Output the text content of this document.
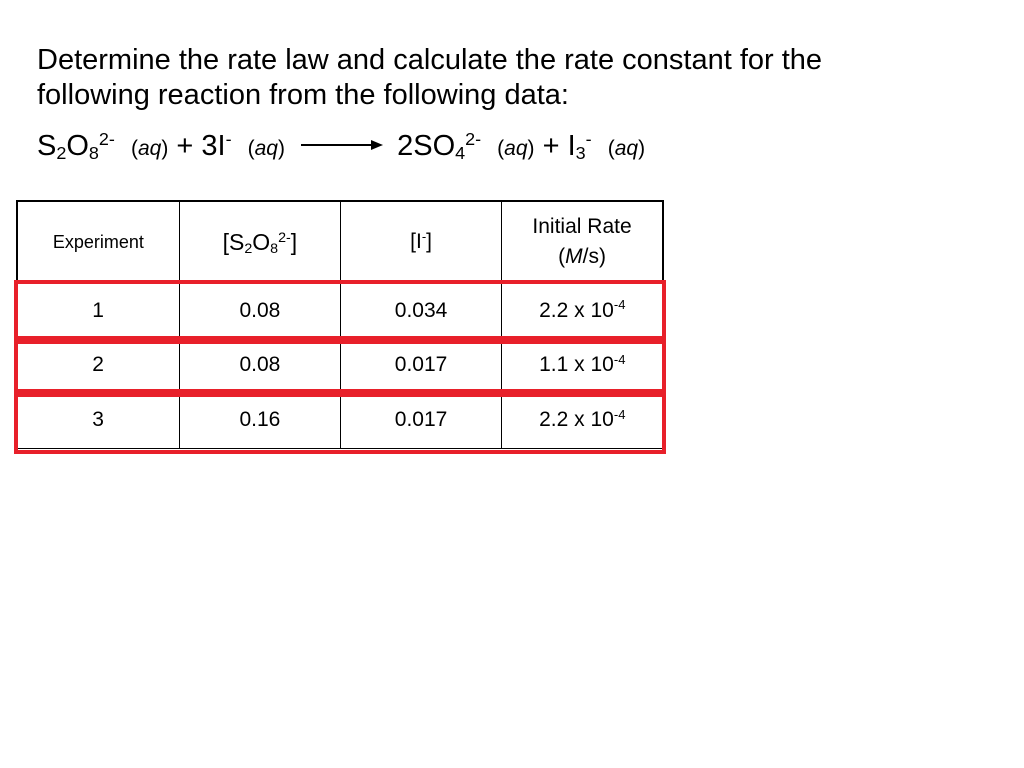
Determine the rate law and calculate the rate constant for the
following reaction from the following data:
$S2O8^{2-}$ (aq) + 3I- $(aq) \to 2SO4^{2-}$ (aq) + I3- (aq)
Experiment	$[S2O8^{2-}]$	[I-]	Initial Rate
(M/s)

1	0.08	0.034	2.2 x $10^{-4}$
2	0.08	0.017	1.1 x $10^{-4}$
3	0.16	0.017	2.2 x $10^{-4}$
